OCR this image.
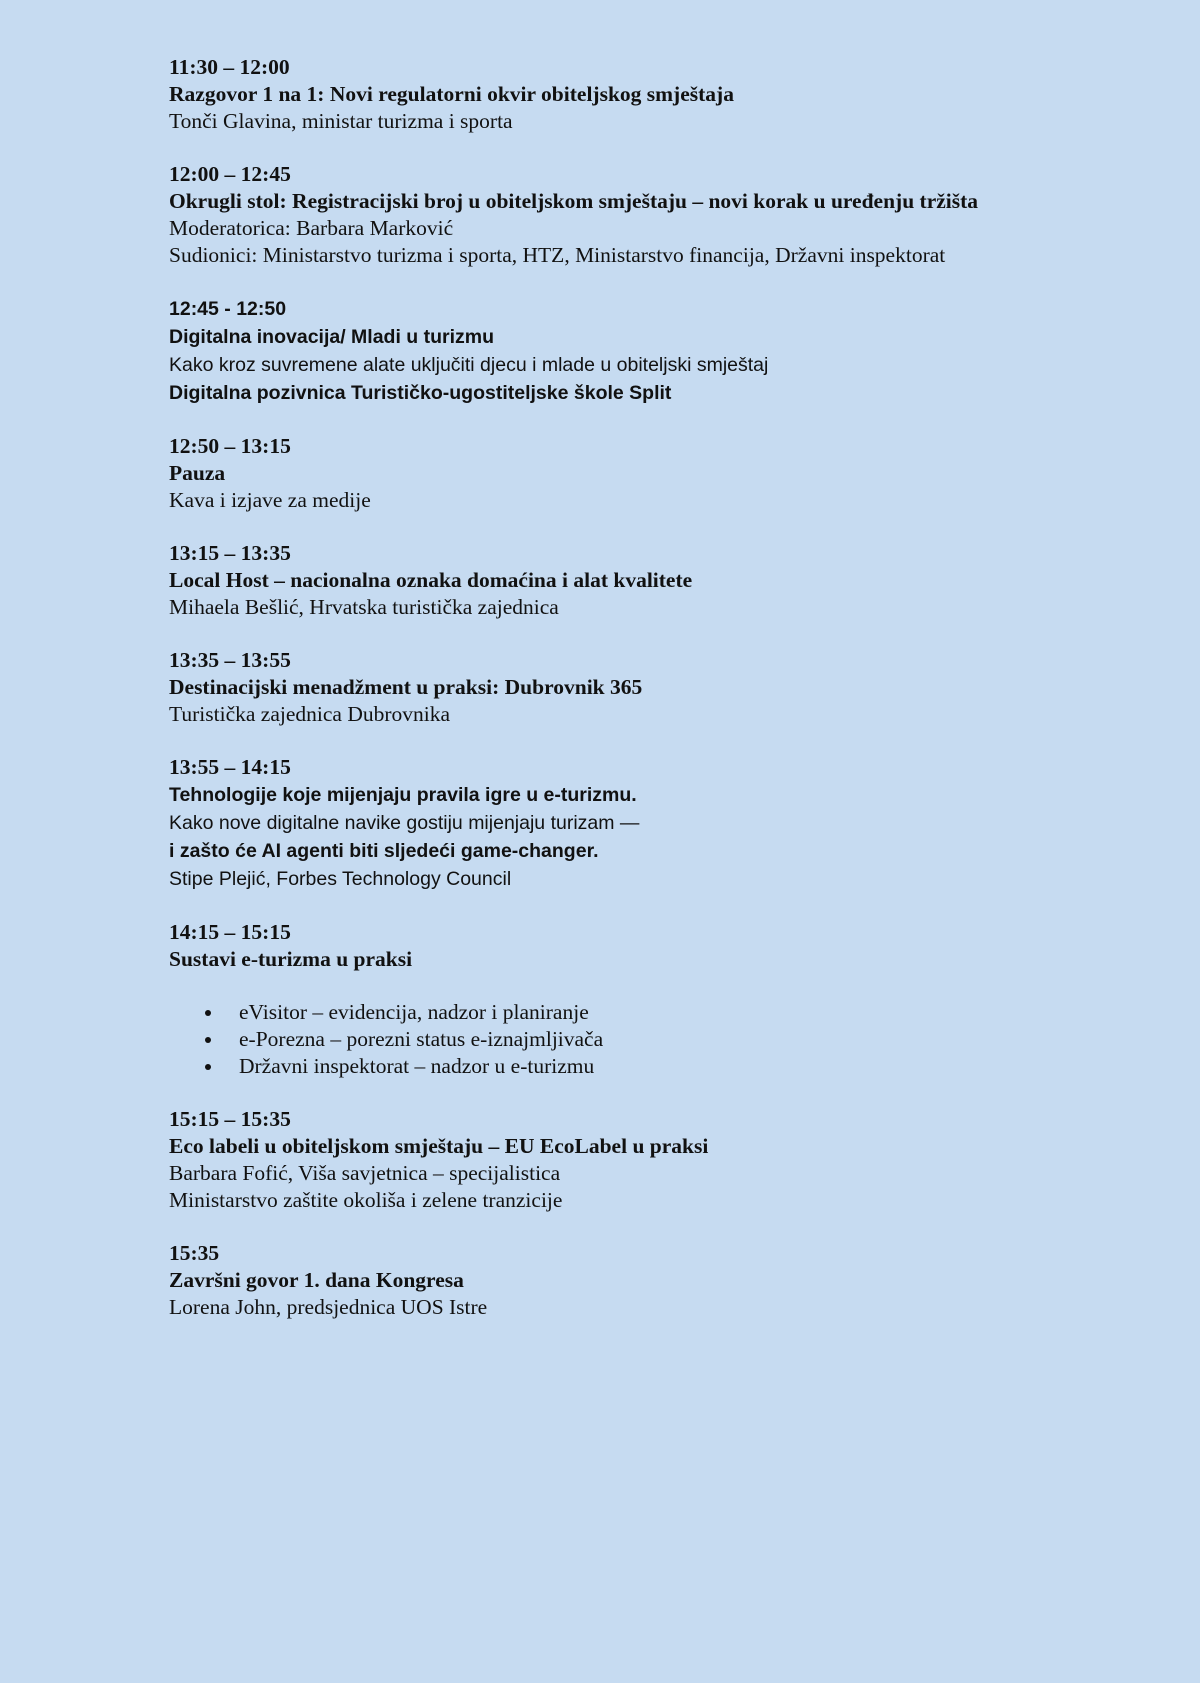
11:30 – 12:00

Razgovor 1 na 1: Novi regulatorni okvir obiteljskog smještaja

Tonči Glavina, ministar turizma i sporta

12:00 – 12:45

Okrugli stol: Registracijski broj u obiteljskom smještaju – novi korak u uređenju tržišta

Moderatorica: Barbara Marković

Sudionici: Ministarstvo turizma i sporta, HTZ, Ministarstvo financija, Državni inspektorat

12:45 - 12:50

Digitalna inovacija/ Mladi u turizmu

Kako kroz suvremene alate uključiti djecu i mlade u obiteljski smještaj

Digitalna pozivnica Turističko-ugostiteljske škole Split

12:50 – 13:15

Pauza

Kava i izjave za medije

13:15 – 13:35

Local Host – nacionalna oznaka domaćina i alat kvalitete

Mihaela Bešlić, Hrvatska turistička zajednica

13:35 – 13:55

Destinacijski menadžment u praksi: Dubrovnik 365

Turistička zajednica Dubrovnika

13:55 – 14:15

Tehnologije koje mijenjaju pravila igre u e-turizmu.

Kako nove digitalne navike gostiju mijenjaju turizam —

i zašto će AI agenti biti sljedeći game-changer.

Stipe Plejić, Forbes Technology Council

14:15 – 15:15

Sustavi e-turizma u praksi

eVisitor – evidencija, nadzor i planiranje
e-Porezna – porezni status e-iznajmljivača
Državni inspektorat – nadzor u e-turizmu

15:15 – 15:35

Eco labeli u obiteljskom smještaju – EU EcoLabel u praksi

Barbara Fofić, Viša savjetnica – specijalistica

Ministarstvo zaštite okoliša i zelene tranzicije

15:35

Završni govor 1. dana Kongresa

Lorena John, predsjednica UOS Istre
